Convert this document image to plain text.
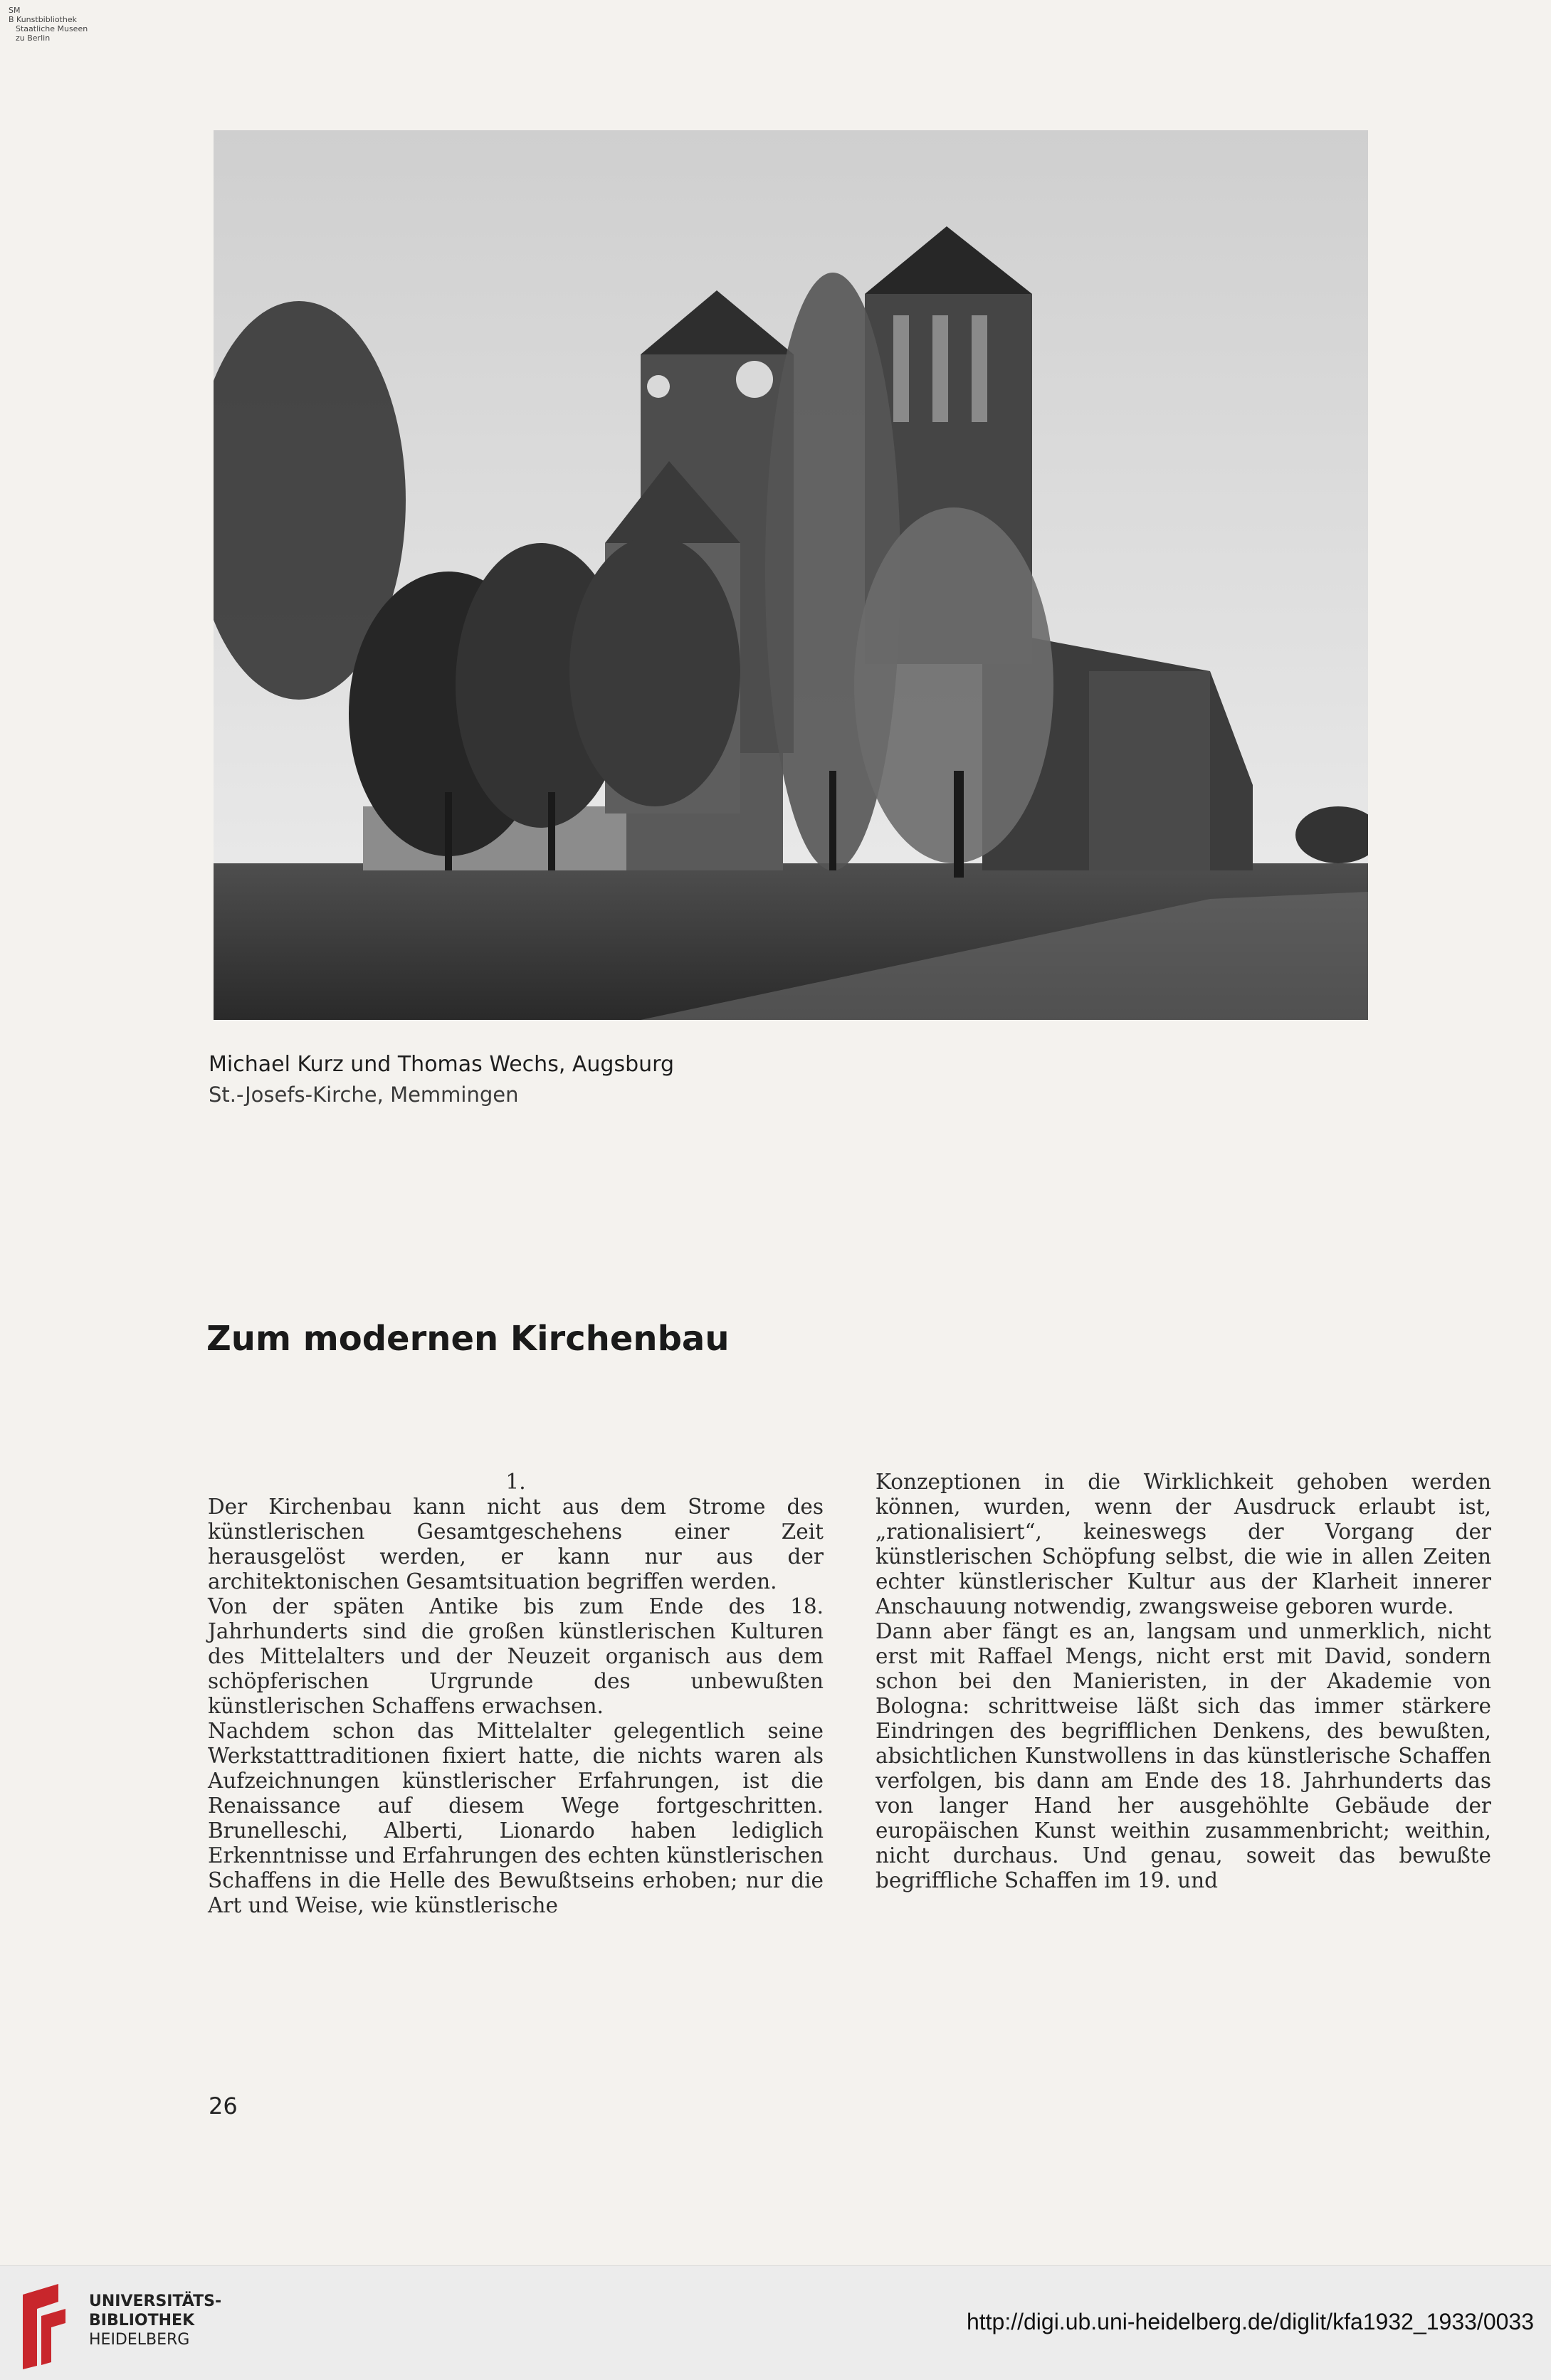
SM
B Kunstbibliothek
Staatliche Museen
zu Berlin
Michael Kurz und Thomas Wechs, Augsburg
St.-Josefs-Kirche, Memmingen
Zum modernen Kirchenbau

1.

Der Kirchenbau kann nicht aus dem Strome des künstlerischen Gesamtgeschehens einer Zeit herausgelöst werden, er kann nur aus der architektonischen Gesamtsituation begriffen werden.

Von der späten Antike bis zum Ende des 18. Jahrhunderts sind die großen künstlerischen Kulturen des Mittelalters und der Neuzeit organisch aus dem schöpferischen Urgrunde des unbewußten künstlerischen Schaffens erwachsen.

Nachdem schon das Mittelalter gelegentlich seine Werkstatttraditionen fixiert hatte, die nichts waren als Aufzeichnungen künstlerischer Erfahrungen, ist die Renaissance auf diesem Wege fortgeschritten. Brunelleschi, Alberti, Lionardo haben lediglich Erkenntnisse und Erfahrungen des echten künstlerischen Schaffens in die Helle des Bewußtseins erhoben; nur die Art und Weise, wie künstlerische

Konzeptionen in die Wirklichkeit gehoben werden können, wurden, wenn der Ausdruck erlaubt ist, „rationalisiert“, keineswegs der Vorgang der künstlerischen Schöpfung selbst, die wie in allen Zeiten echter künstlerischer Kultur aus der Klarheit innerer Anschauung notwendig, zwangsweise geboren wurde.

Dann aber fängt es an, langsam und unmerklich, nicht erst mit Raffael Mengs, nicht erst mit David, sondern schon bei den Manieristen, in der Akademie von Bologna: schrittweise läßt sich das immer stärkere Eindringen des begrifflichen Denkens, des bewußten, absichtlichen Kunstwollens in das künstlerische Schaffen verfolgen, bis dann am Ende des 18. Jahrhunderts das von langer Hand her ausgehöhlte Gebäude der europäischen Kunst weithin zusammenbricht; weithin, nicht durchaus. Und genau, soweit das bewußte begriffliche Schaffen im 19. und

26
UNIVERSITÄTS-
BIBLIOTHEK
HEIDELBERG
http://digi.ub.uni-heidelberg.de/diglit/kfa1932_1933/0033
